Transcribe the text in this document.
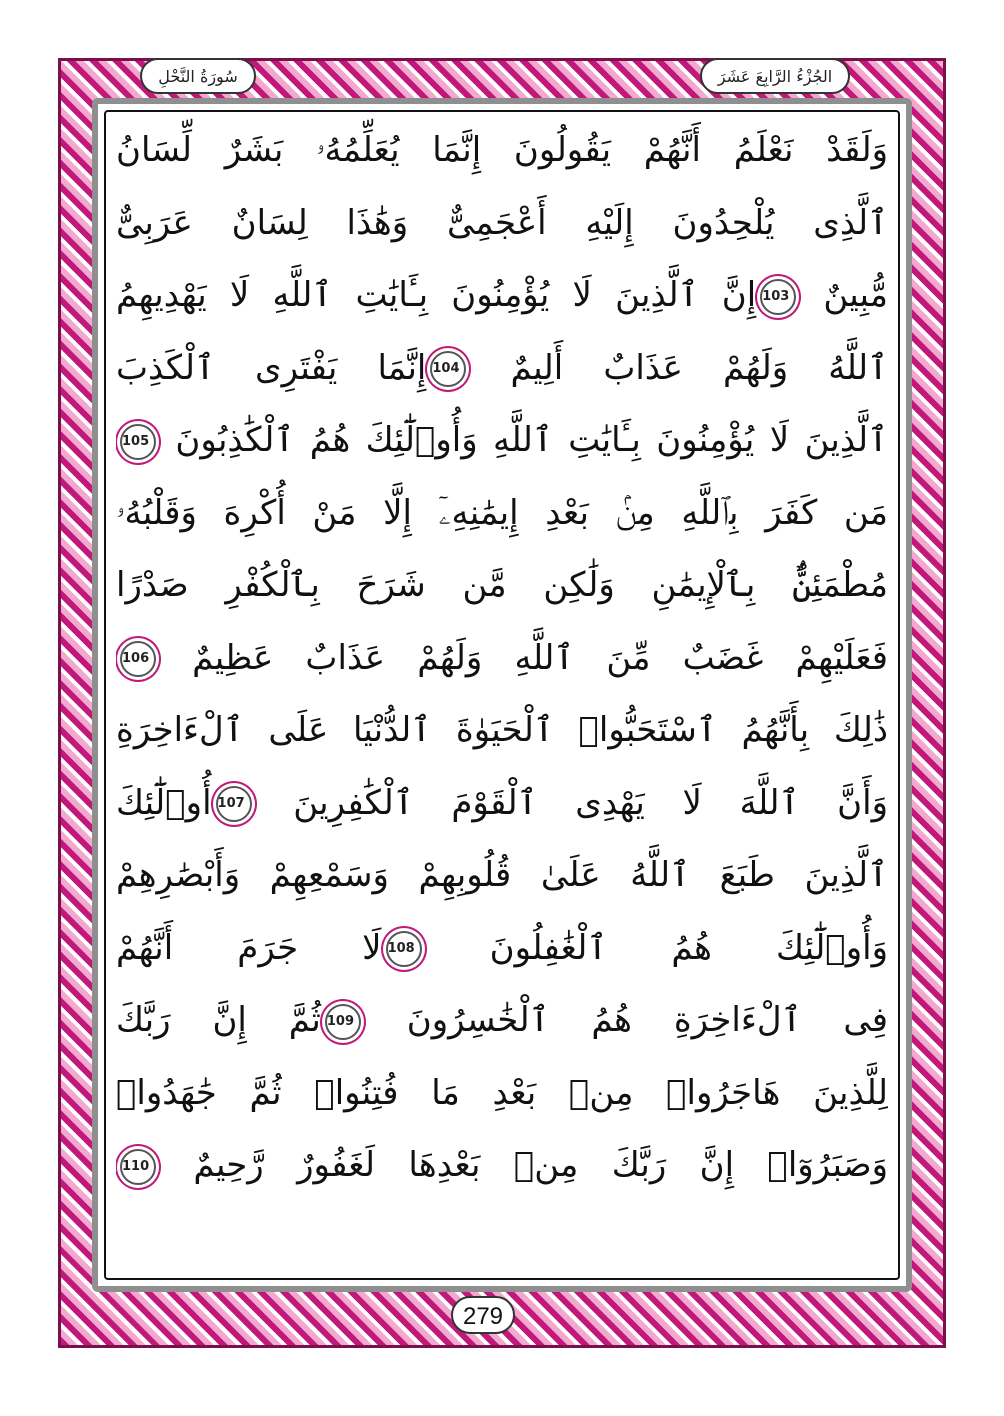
الجُزْءُ الرَّابِعَ عَشَرَ
سُورَةُ النَّحْلِ
وَلَقَدْ نَعْلَمُ أَنَّهُمْ يَقُولُونَ إِنَّمَا يُعَلِّمُهُۥ بَشَرٌ لِّسَانُ
ٱلَّذِى يُلْحِدُونَ إِلَيْهِ أَعْجَمِىٌّ وَهَٰذَا لِسَانٌ عَرَبِىٌّ
مُّبِينٌ 103إِنَّ ٱلَّذِينَ لَا يُؤْمِنُونَ بِـَٔايَٰتِ ٱللَّهِ لَا يَهْدِيهِمُ
ٱللَّهُ وَلَهُمْ عَذَابٌ أَلِيمٌ 104إِنَّمَا يَفْتَرِى ٱلْكَذِبَ
ٱلَّذِينَ لَا يُؤْمِنُونَ بِـَٔايَٰتِ ٱللَّهِ وَأُو۟لَٰٓئِكَ هُمُ ٱلْكَٰذِبُونَ 105
مَن كَفَرَ بِٱللَّهِ مِنۢ بَعْدِ إِيمَٰنِهِۦٓ إِلَّا مَنْ أُكْرِهَ وَقَلْبُهُۥ
مُطْمَئِنٌّۢ بِٱلْإِيمَٰنِ وَلَٰكِن مَّن شَرَحَ بِٱلْكُفْرِ صَدْرًا
فَعَلَيْهِمْ غَضَبٌ مِّنَ ٱللَّهِ وَلَهُمْ عَذَابٌ عَظِيمٌ 106
ذَٰلِكَ بِأَنَّهُمُ ٱسْتَحَبُّوا۟ ٱلْحَيَوٰةَ ٱلدُّنْيَا عَلَى ٱلْءَاخِرَةِ
وَأَنَّ ٱللَّهَ لَا يَهْدِى ٱلْقَوْمَ ٱلْكَٰفِرِينَ 107أُو۟لَٰٓئِكَ
ٱلَّذِينَ طَبَعَ ٱللَّهُ عَلَىٰ قُلُوبِهِمْ وَسَمْعِهِمْ وَأَبْصَٰرِهِمْ
وَأُو۟لَٰٓئِكَ هُمُ ٱلْغَٰفِلُونَ 108لَا جَرَمَ أَنَّهُمْ
فِى ٱلْءَاخِرَةِ هُمُ ٱلْخَٰسِرُونَ 109ثُمَّ إِنَّ رَبَّكَ
لِلَّذِينَ هَاجَرُوا۟ مِنۢ بَعْدِ مَا فُتِنُوا۟ ثُمَّ جَٰهَدُوا۟
وَصَبَرُوٓا۟ إِنَّ رَبَّكَ مِنۢ بَعْدِهَا لَغَفُورٌ رَّحِيمٌ 110
279
